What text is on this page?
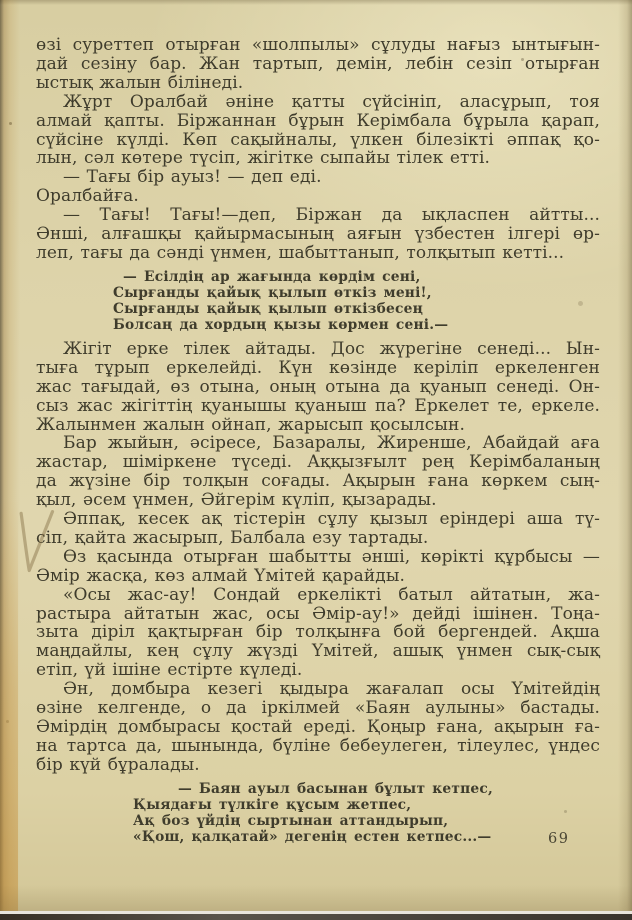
өзі суреттеп отырған «шолпылы» сұлуды нағыз ынтығын-
дай сезіну бар. Жан тартып, демін, лебін сезіп отырған
ыстық жалын білінеді.
Жұрт Оралбай әніне қатты сүйсініп, аласұрып, тоя
алмай қапты. Біржаннан бұрын Керімбала бұрыла қарап,
сүйсіне күлді. Көп сақыйналы, үлкен білезікті әппақ қо-
лын, сәл көтере түсіп, жігітке сыпайы тілек етті.
— Тағы бір ауыз! — деп еді.
Оралбайға.
— Тағы! Тағы!—деп, Біржан да ықласпен айтты...
Әнші, алғашқы қайырмасының аяғын үзбестен ілгері өр-
леп, тағы да сәнді үнмен, шабыттанып, толқытып кетті...
— Есілдің ар жағында көрдім сені,
Сырғанды қайық қылып өткіз мені!,
Сырғанды қайық қылып өткізбесең
Болсаң да хордың қызы көрмен сені.—
Жігіт ерке тілек айтады. Дос жүрегіне сенеді... Ын-
тыға тұрып еркелейді. Күн көзінде керіліп еркеленген
жас тағыдай, өз отына, оның отына да қуанып сенеді. Он-
сыз жас жігіттің қуанышы қуаныш па? Еркелет те, еркеле.
Жалынмен жалын ойнап, жарысып қосылсын.
Бар жыйын, әсіресе, Базаралы, Жиренше, Абайдай аға
жастар, шіміркене түседі. Аққызғылт рең Керімбаланың
да жүзіне бір толқын соғады. Ақырын ғана көркем сың-
қыл, әсем үнмен, Әйгерім күліп, қызарады.
Әппақ, кесек ақ тістерін сұлу қызыл еріндері аша тү-
сіп, қайта жасырып, Балбала езу тартады.
Өз қасында отырған шабытты әнші, көрікті құрбысы —
Әмір жасқа, көз алмай Үмітей қарайды.
«Осы жас-ау! Сондай еркелікті батыл айтатын, жа-
растыра айтатын жас, осы Әмір-ау!» дейді ішінен. Тоңа-
зыта діріл қақтырған бір толқынға бой бергендей. Ақша
маңдайлы, кең сұлу жүзді Үмітей, ашық үнмен сық-сық
етіп, үй ішіне естірте күледі.
Ән, домбыра кезегі қыдыра жағалап осы Үмітейдің
өзіне келгенде, о да іркілмей «Баян аулыны» бастады.
Әмірдің домбырасы қостай ереді. Қоңыр ғана, ақырын ға-
на тартса да, шынында, бүліне бебеулеген, тілеулес, үндес
бір күй бұралады.
— Баян ауыл басынан бұлыт кетпес,
Қыядағы түлкіге құсым жетпес,
Ақ боз үйдің сыртынан аттандырып,
«Қош, қалқатай» дегенің естен кетпес...—	69
